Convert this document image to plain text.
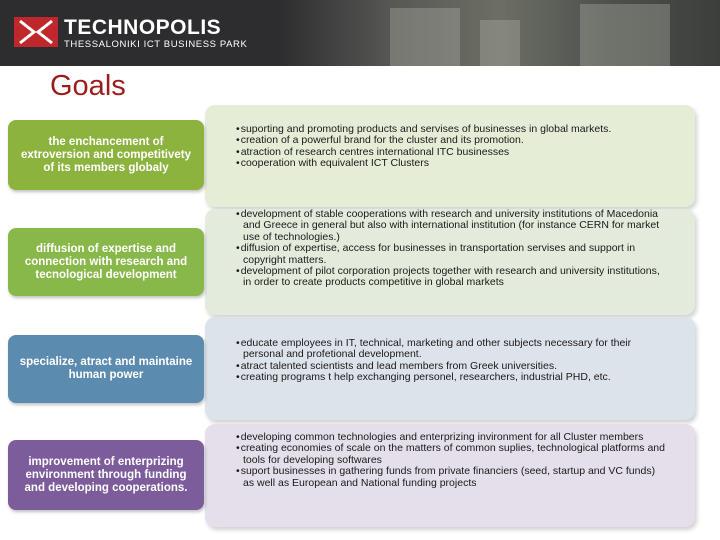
TECHNOPOLIS
THESSALONIKI ICT BUSINESS PARK
Goals
the enchancement of extroversion and competitivety of its members globaly
• suporting and promoting products and servises of businesses in global markets.
• creation of a powerful brand for the cluster and its promotion.
• atraction of research centres international ITC businesses
• cooperation with equivalent ICT Clusters
diffusion of expertise and connection with research and tecnological development
• development of stable cooperations with research and university institutions of Macedonia and Greece in general but also with international institution (for instance CERN for market use of technologies.)
• diffusion of expertise, access for businesses in transportation servises and support in copyright matters.
• development of pilot corporation projects together with research and university institutions, in order to create products competitive in global markets
specialize, atract and maintaine human power
• educate employees in IT, technical, marketing and other subjects necessary for their personal and profetional development.
• atract talented scientists and lead members from Greek universities.
• creating programs t help exchanging personel, researchers, industrial PHD, etc.
improvement of enterprizing environment through funding and developing cooperations.
• developing common technologies and enterprizing invironment for all Cluster members
• creating economies of scale on the matters of common suplies, technological platforms and tools for developing softwares
• suport businesses in gathering funds from private financiers (seed, startup and VC funds) as well as European and National funding projects
